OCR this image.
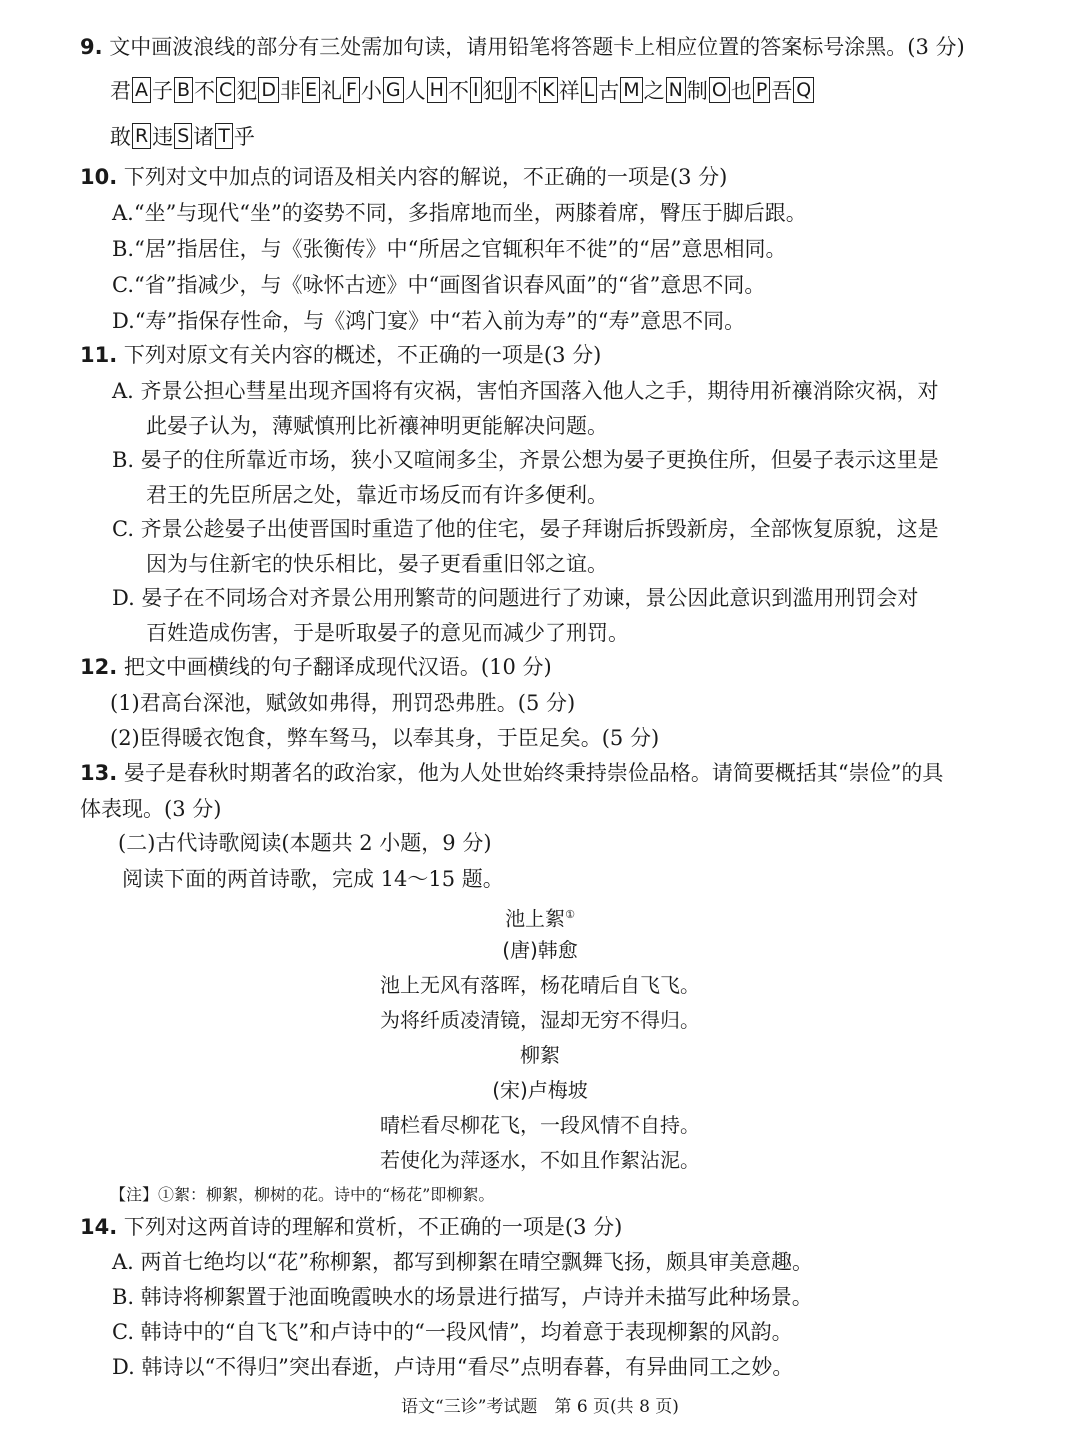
9. 文中画波浪线的部分有三处需加句读，请用铅笔将答题卡上相应位置的答案标号涂黑。(3 分)
君 A 子 B 不 C 犯 D 非 E 礼 F 小 G 人 H 不 I 犯 J 不 K 祥 L 古 M 之 N 制 O 也 P 吾 Q
敢 R 违 S 诸 T 乎
10. 下列对文中加点的词语及相关内容的解说，不正确的一项是(3 分)
A.“坐”与现代“坐”的姿势不同，多指席地而坐，两膝着席，臀压于脚后跟。
B.“居”指居住，与《张衡传》中“所居之官辄积年不徙”的“居”意思相同。
C.“省”指减少，与《咏怀古迹》中“画图省识春风面”的“省”意思不同。
D.“寿”指保存性命，与《鸿门宴》中“若入前为寿”的“寿”意思不同。
11. 下列对原文有关内容的概述，不正确的一项是(3 分)
A. 齐景公担心彗星出现齐国将有灾祸，害怕齐国落入他人之手，期待用祈禳消除灾祸，对
此晏子认为，薄赋慎刑比祈禳神明更能解决问题。
B. 晏子的住所靠近市场，狭小又喧闹多尘，齐景公想为晏子更换住所，但晏子表示这里是
君王的先臣所居之处，靠近市场反而有许多便利。
C. 齐景公趁晏子出使晋国时重造了他的住宅，晏子拜谢后拆毁新房，全部恢复原貌，这是
因为与住新宅的快乐相比，晏子更看重旧邻之谊。
D. 晏子在不同场合对齐景公用刑繁苛的问题进行了劝谏，景公因此意识到滥用刑罚会对
百姓造成伤害，于是听取晏子的意见而减少了刑罚。
12. 把文中画横线的句子翻译成现代汉语。(10 分)
(1)君高台深池，赋敛如弗得，刑罚恐弗胜。(5 分)
(2)臣得暖衣饱食，弊车驽马，以奉其身，于臣足矣。(5 分)
13. 晏子是春秋时期著名的政治家，他为人处世始终秉持崇俭品格。请简要概括其“崇俭”的具
体表现。(3 分)
(二)古代诗歌阅读(本题共 2 小题，9 分)
阅读下面的两首诗歌，完成 14～15 题。
池上絮①
(唐)韩愈
池上无风有落晖，杨花晴后自飞飞。
为将纤质凌清镜，湿却无穷不得归。
柳絮
(宋)卢梅坡
晴栏看尽柳花飞，一段风情不自持。
若使化为萍逐水，不如且作絮沾泥。
【注】①絮：柳絮，柳树的花。诗中的“杨花”即柳絮。
14. 下列对这两首诗的理解和赏析，不正确的一项是(3 分)
A. 两首七绝均以“花”称柳絮，都写到柳絮在晴空飘舞飞扬，颇具审美意趣。
B. 韩诗将柳絮置于池面晚霞映水的场景进行描写，卢诗并未描写此种场景。
C. 韩诗中的“自飞飞”和卢诗中的“一段风情”，均着意于表现柳絮的风韵。
D. 韩诗以“不得归”突出春逝，卢诗用“看尽”点明春暮，有异曲同工之妙。
语文“三诊”考试题　第 6 页(共 8 页)
